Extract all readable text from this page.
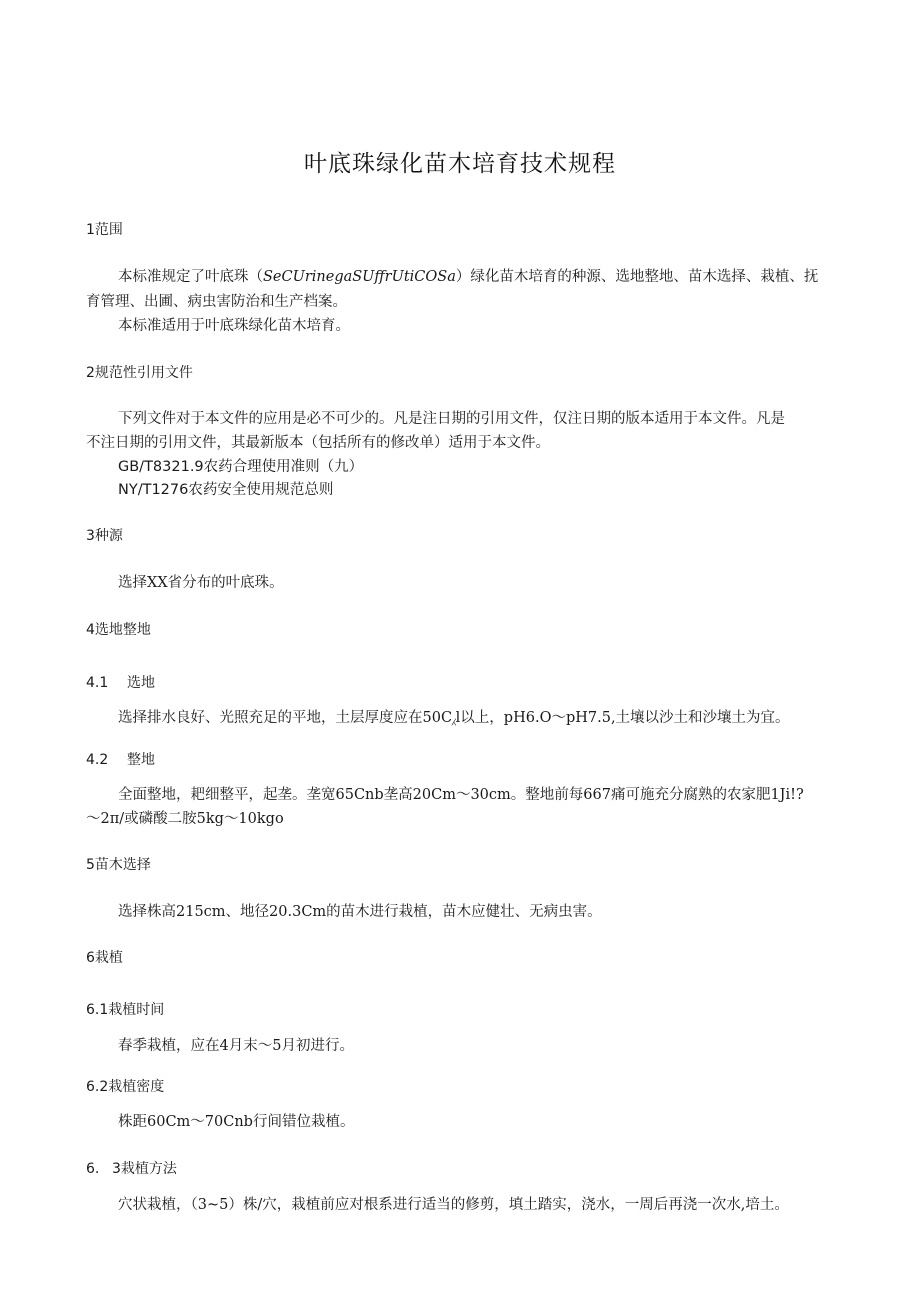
叶底珠绿化苗木培育技术规程

1范围

本标准规定了叶底珠（SeCUrinegaSUffrUtiCOSa）绿化苗木培育的种源、选地整地、苗木选择、栽植、抚

育管理、出圃、病虫害防治和生产档案。

本标准适用于叶底珠绿化苗木培育。

2规范性引用文件

下列文件对于本文件的应用是必不可少的。凡是注日期的引用文件，仅注日期的版本适用于本文件。凡是

不注日期的引用文件，其最新版本（包括所有的修改单）适用于本文件。

GB/T8321.9农药合理使用准则（九）

NY/T1276农药安全使用规范总则

3种源

选择XX省分布的叶底珠。

4选地整地

4.1 选地

选择排水良好、光照充足的平地，土层厚度应在50C⁁l以上，pH6.O～pH7.5,土壤以沙土和沙壤土为宜。

4.2 整地

全面整地，耙细整平，起垄。垄宽65Cnb垄高20Cm～30cm。整地前每667痛可施充分腐熟的农家肥1Ji!?

～2π/或磷酸二胺5kg～10kgo

5苗木选择

选择株高215cm、地径20.3Cm的苗木进行栽植，苗木应健壮、无病虫害。

6栽植

6.1栽植时间

春季栽植，应在4月末～5月初进行。

6.2栽植密度

株距60Cm～70Cnb行间错位栽植。

6. 3栽植方法

穴状栽植，（3~5）株/穴，栽植前应对根系进行适当的修剪，填土踏实，浇水，一周后再浇一次水,培土。
